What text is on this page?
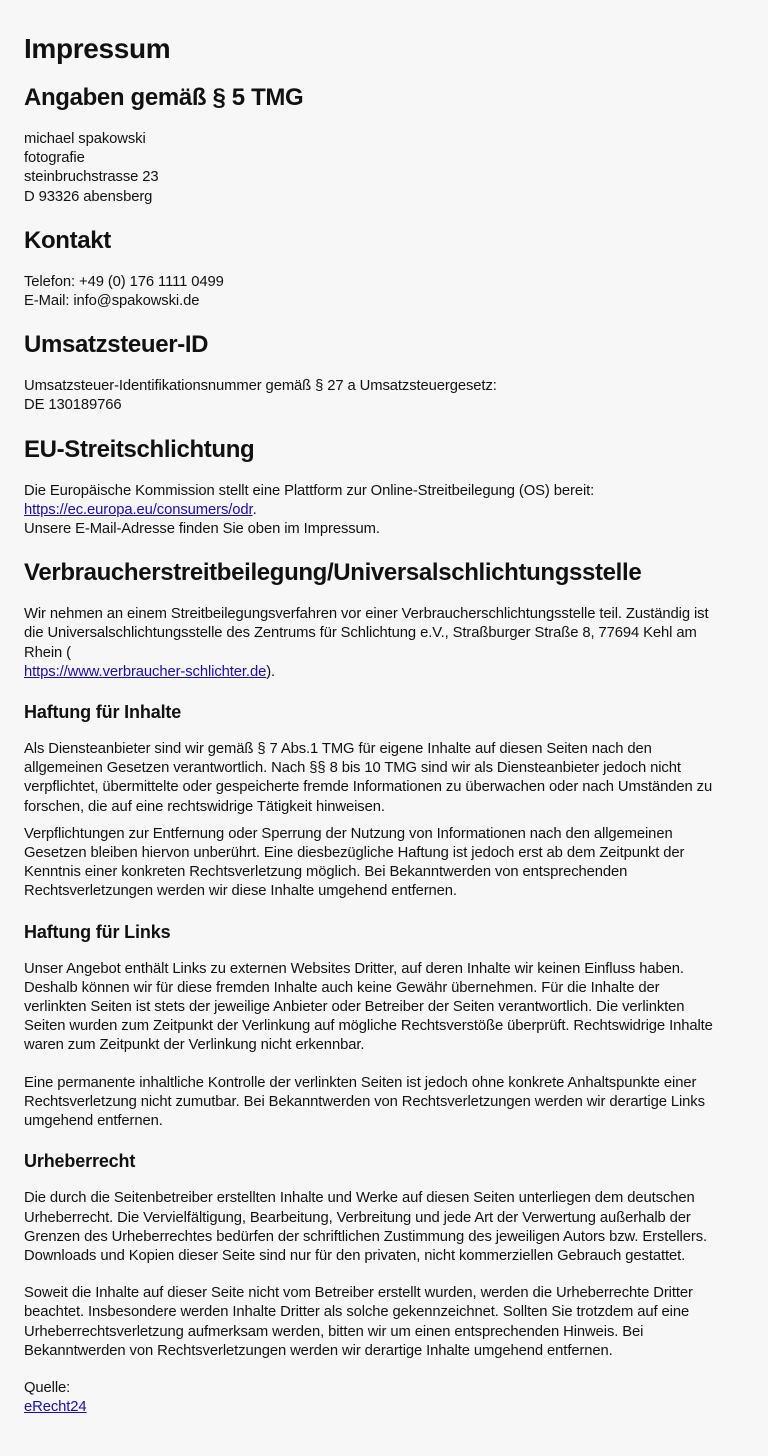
Impressum
Angaben gemäß § 5 TMG
michael spakowski
fotografie
steinbruchstrasse 23
D 93326 abensberg
Kontakt
Telefon: +49 (0) 176 1111 0499
E-Mail: info@spakowski.de
Umsatzsteuer-ID
Umsatzsteuer-Identifikationsnummer gemäß § 27 a Umsatzsteuergesetz:
DE 130189766
EU-Streitschlichtung
Die Europäische Kommission stellt eine Plattform zur Online-Streitbeilegung (OS) bereit:
https://ec.europa.eu/consumers/odr.
Unsere E-Mail-Adresse finden Sie oben im Impressum.
Verbraucherstreitbeilegung/Universalschlichtungsstelle
Wir nehmen an einem Streitbeilegungsverfahren vor einer Verbraucherschlichtungsstelle teil. Zuständig ist
die Universalschlichtungsstelle des Zentrums für Schlichtung e.V., Straßburger Straße 8, 77694 Kehl am
Rhein (
https://www.verbraucher-schlichter.de).
Haftung für Inhalte
Als Diensteanbieter sind wir gemäß § 7 Abs.1 TMG für eigene Inhalte auf diesen Seiten nach den
allgemeinen Gesetzen verantwortlich. Nach §§ 8 bis 10 TMG sind wir als Diensteanbieter jedoch nicht
verpflichtet, übermittelte oder gespeicherte fremde Informationen zu überwachen oder nach Umständen zu
forschen, die auf eine rechtswidrige Tätigkeit hinweisen.
Verpflichtungen zur Entfernung oder Sperrung der Nutzung von Informationen nach den allgemeinen
Gesetzen bleiben hiervon unberührt. Eine diesbezügliche Haftung ist jedoch erst ab dem Zeitpunkt der
Kenntnis einer konkreten Rechtsverletzung möglich. Bei Bekanntwerden von entsprechenden
Rechtsverletzungen werden wir diese Inhalte umgehend entfernen.
Haftung für Links
Unser Angebot enthält Links zu externen Websites Dritter, auf deren Inhalte wir keinen Einfluss haben.
Deshalb können wir für diese fremden Inhalte auch keine Gewähr übernehmen. Für die Inhalte der
verlinkten Seiten ist stets der jeweilige Anbieter oder Betreiber der Seiten verantwortlich. Die verlinkten
Seiten wurden zum Zeitpunkt der Verlinkung auf mögliche Rechtsverstöße überprüft. Rechtswidrige Inhalte
waren zum Zeitpunkt der Verlinkung nicht erkennbar.
Eine permanente inhaltliche Kontrolle der verlinkten Seiten ist jedoch ohne konkrete Anhaltspunkte einer
Rechtsverletzung nicht zumutbar. Bei Bekanntwerden von Rechtsverletzungen werden wir derartige Links
umgehend entfernen.
Urheberrecht
Die durch die Seitenbetreiber erstellten Inhalte und Werke auf diesen Seiten unterliegen dem deutschen
Urheberrecht. Die Vervielfältigung, Bearbeitung, Verbreitung und jede Art der Verwertung außerhalb der
Grenzen des Urheberrechtes bedürfen der schriftlichen Zustimmung des jeweiligen Autors bzw. Erstellers.
Downloads und Kopien dieser Seite sind nur für den privaten, nicht kommerziellen Gebrauch gestattet.
Soweit die Inhalte auf dieser Seite nicht vom Betreiber erstellt wurden, werden die Urheberrechte Dritter
beachtet. Insbesondere werden Inhalte Dritter als solche gekennzeichnet. Sollten Sie trotzdem auf eine
Urheberrechtsverletzung aufmerksam werden, bitten wir um einen entsprechenden Hinweis. Bei
Bekanntwerden von Rechtsverletzungen werden wir derartige Inhalte umgehend entfernen.
Quelle:
eRecht24
